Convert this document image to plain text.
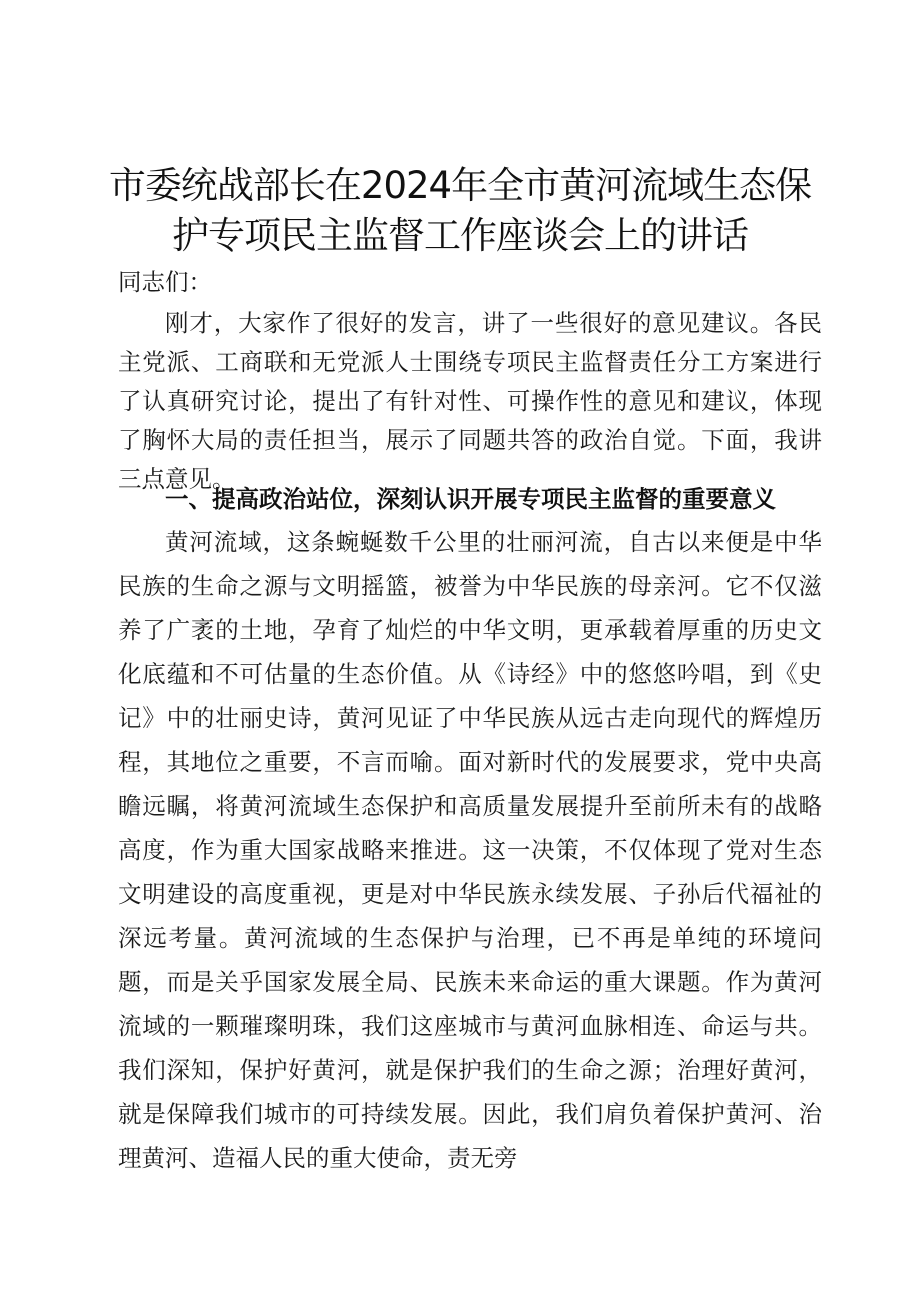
市委统战部长在2024年全市黄河流域生态保
护专项民主监督工作座谈会上的讲话

同志们：

刚才，大家作了很好的发言，讲了一些很好的意见建议。各民主党派、工商联和无党派人士围绕专项民主监督责任分工方案进行了认真研究讨论，提出了有针对性、可操作性的意见和建议，体现了胸怀大局的责任担当，展示了同题共答的政治自觉。下面，我讲三点意见。

一、提高政治站位，深刻认识开展专项民主监督的重要意义

黄河流域，这条蜿蜒数千公里的壮丽河流，自古以来便是中华民族的生命之源与文明摇篮，被誉为中华民族的母亲河。它不仅滋养了广袤的土地，孕育了灿烂的中华文明，更承载着厚重的历史文化底蕴和不可估量的生态价值。从《诗经》中的悠悠吟唱，到《史记》中的壮丽史诗，黄河见证了中华民族从远古走向现代的辉煌历程，其地位之重要，不言而喻。面对新时代的发展要求，党中央高瞻远瞩，将黄河流域生态保护和高质量发展提升至前所未有的战略高度，作为重大国家战略来推进。这一决策，不仅体现了党对生态文明建设的高度重视，更是对中华民族永续发展、子孙后代福祉的深远考量。黄河流域的生态保护与治理，已不再是单纯的环境问题，而是关乎国家发展全局、民族未来命运的重大课题。作为黄河流域的一颗璀璨明珠，我们这座城市与黄河血脉相连、命运与共。我们深知，保护好黄河，就是保护我们的生命之源；治理好黄河，就是保障我们城市的可持续发展。因此，我们肩负着保护黄河、治理黄河、造福人民的重大使命，责无旁
